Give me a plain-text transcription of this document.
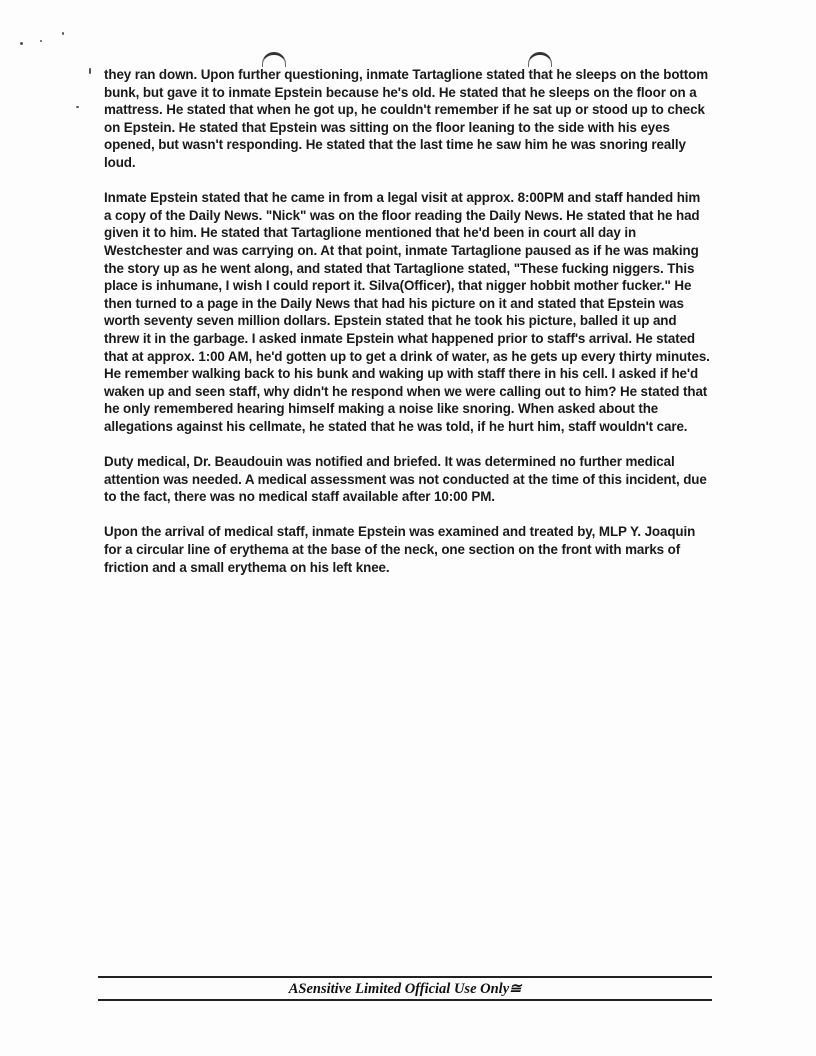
they ran down. Upon further questioning, inmate Tartaglione stated that he sleeps on the bottom bunk, but gave it to inmate Epstein because he's old. He stated that he sleeps on the floor on a mattress. He stated that when he got up, he couldn't remember if he sat up or stood up to check on Epstein. He stated that Epstein was sitting on the floor leaning to the side with his eyes opened, but wasn't responding. He stated that the last time he saw him he was snoring really loud.

Inmate Epstein stated that he came in from a legal visit at approx. 8:00PM and staff handed him a copy of the Daily News. "Nick" was on the floor reading the Daily News. He stated that he had given it to him. He stated that Tartaglione mentioned that he'd been in court all day in Westchester and was carrying on. At that point, inmate Tartaglione paused as if he was making the story up as he went along, and stated that Tartaglione stated, "These fucking niggers. This place is inhumane, I wish I could report it. Silva(Officer), that nigger hobbit mother fucker." He then turned to a page in the Daily News that had his picture on it and stated that Epstein was worth seventy seven million dollars. Epstein stated that he took his picture, balled it up and threw it in the garbage. I asked inmate Epstein what happened prior to staff's arrival. He stated that at approx. 1:00 AM, he'd gotten up to get a drink of water, as he gets up every thirty minutes. He remember walking back to his bunk and waking up with staff there in his cell. I asked if he'd waken up and seen staff, why didn't he respond when we were calling out to him? He stated that he only remembered hearing himself making a noise like snoring. When asked about the allegations against his cellmate, he stated that he was told, if he hurt him, staff wouldn't care.

Duty medical, Dr. Beaudouin was notified and briefed. It was determined no further medical attention was needed. A medical assessment was not conducted at the time of this incident, due to the fact, there was no medical staff available after 10:00 PM.

Upon the arrival of medical staff, inmate Epstein was examined and treated by, MLP Y. Joaquin for a circular line of erythema at the base of the neck, one section on the front with marks of friction and a small erythema on his left knee.

ASensitive Limited Official Use Only≅
